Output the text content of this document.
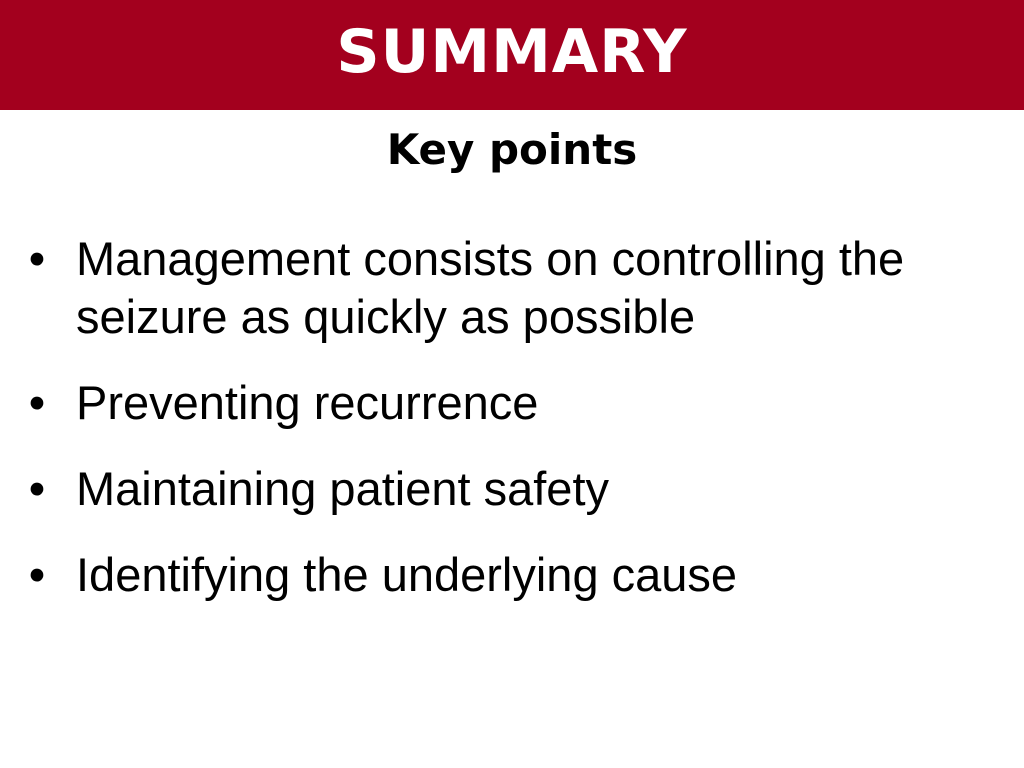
SUMMARY
Key points
• Management consists on controlling the seizure as quickly as possible
• Preventing recurrence
• Maintaining patient safety
• Identifying the underlying cause
